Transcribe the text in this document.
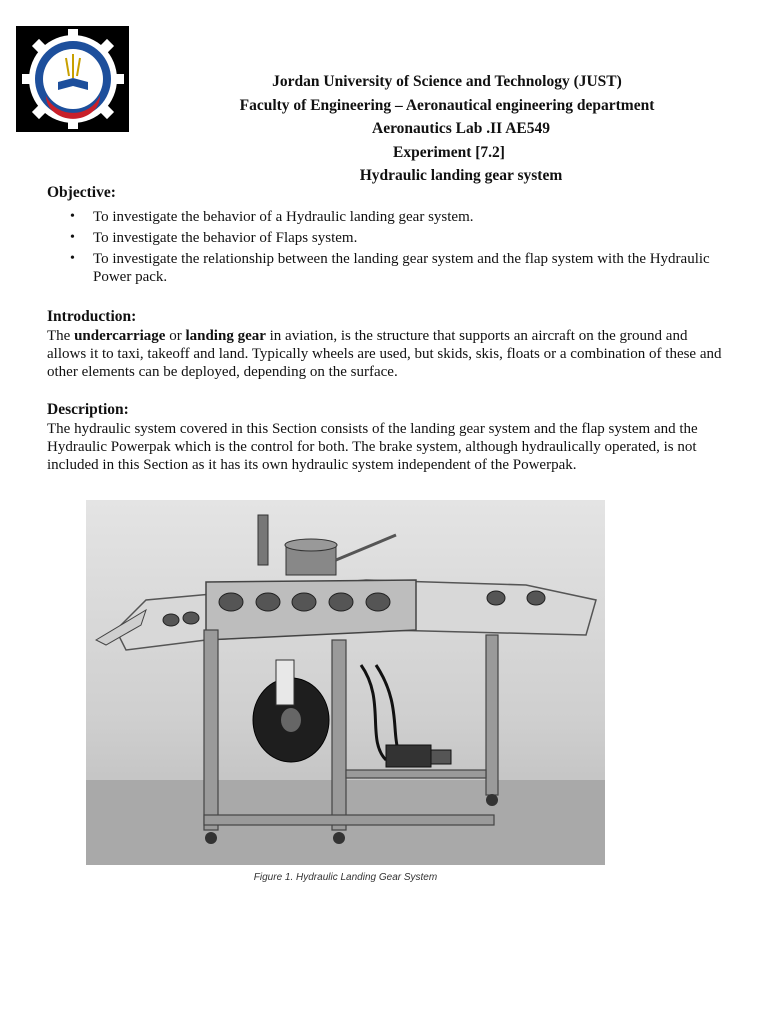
Jordan University of Science and Technology (JUST)
Faculty of Engineering – Aeronautical engineering department
Aeronautics Lab .II AE549
Experiment [7.2]
Hydraulic landing gear system
Objective:
• To investigate the behavior of a Hydraulic landing gear system.
• To investigate the behavior of Flaps system.
• To investigate the relationship between the landing gear system and the flap system with the Hydraulic Power pack.
Introduction:

The undercarriage or landing gear in aviation, is the structure that supports an aircraft on the ground and allows it to taxi, takeoff and land. Typically wheels are used, but skids, skis, floats or a combination of these and other elements can be deployed, depending on the surface.

Description:

The hydraulic system covered in this Section consists of the landing gear system and the flap system and the Hydraulic Powerpak which is the control for both. The brake system, although hydraulically operated, is not included in this Section as it has its own hydraulic system independent of the Powerpak.

Figure 1. Hydraulic Landing Gear System
